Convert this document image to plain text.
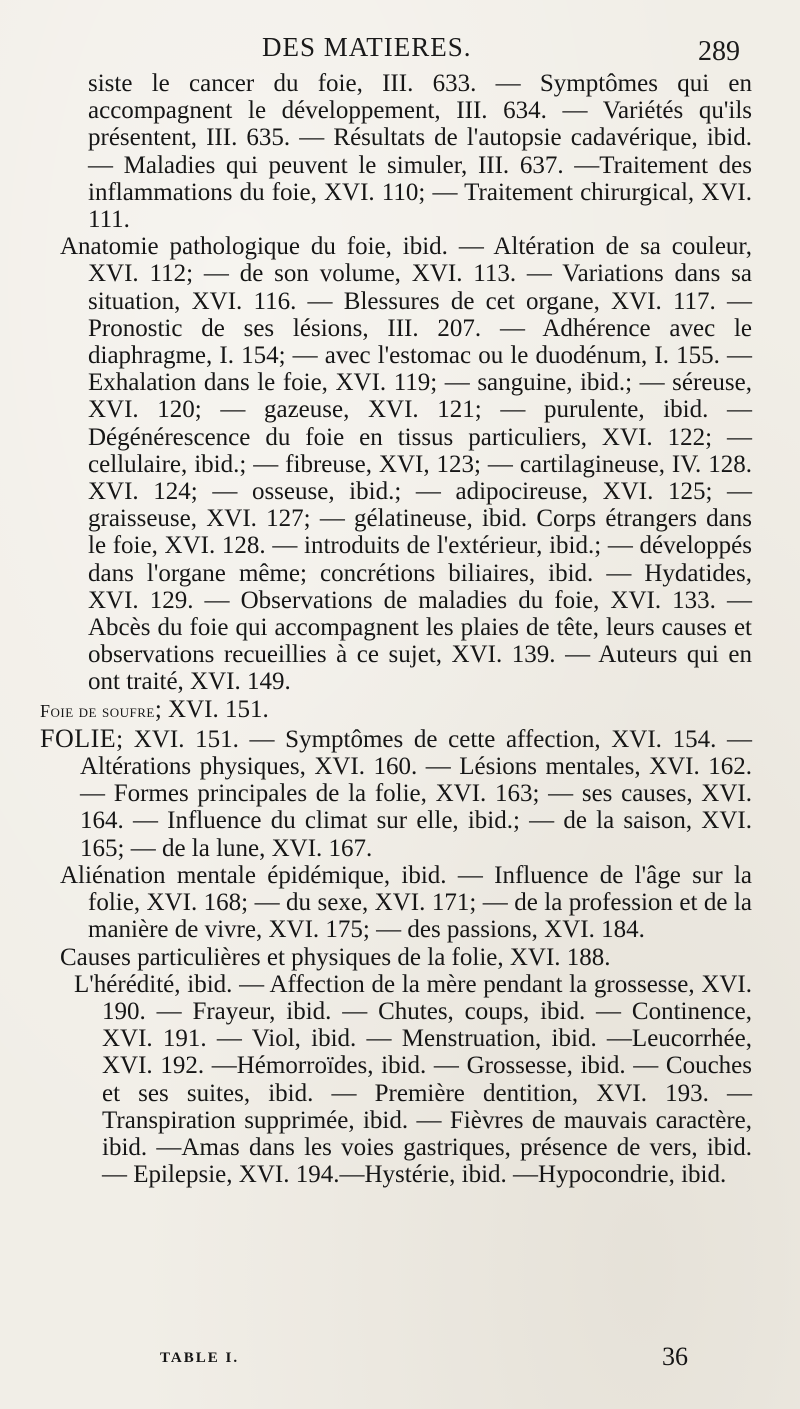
DES MATIERES.	289

siste le cancer du foie, III. 633. — Symptômes qui en accompagnent le développement, III. 634. — Variétés qu'ils présentent, III. 635. — Résultats de l'autopsie cadavérique, ibid. — Maladies qui peuvent le simuler, III. 637. —Traitement des inflammations du foie, XVI. 110; — Traitement chirurgical, XVI. 111.

Anatomie pathologique du foie, ibid. — Altération de sa couleur, XVI. 112; — de son volume, XVI. 113. — Variations dans sa situation, XVI. 116. — Blessures de cet organe, XVI. 117. — Pronostic de ses lésions, III. 207. — Adhérence avec le diaphragme, I. 154; — avec l'estomac ou le duodénum, I. 155. — Exhalation dans le foie, XVI. 119; — sanguine, ibid.; — séreuse, XVI. 120; — gazeuse, XVI. 121; — purulente, ibid. — Dégénérescence du foie en tissus particuliers, XVI. 122; — cellulaire, ibid.; — fibreuse, XVI, 123; — cartilagineuse, IV. 128. XVI. 124; — osseuse, ibid.; — adipocireuse, XVI. 125; — graisseuse, XVI. 127; — gélatineuse, ibid. Corps étrangers dans le foie, XVI. 128. — introduits de l'extérieur, ibid.; — développés dans l'organe même; concrétions biliaires, ibid. — Hydatides, XVI. 129. — Observations de maladies du foie, XVI. 133. — Abcès du foie qui accompagnent les plaies de tête, leurs causes et observations recueillies à ce sujet, XVI. 139. — Auteurs qui en ont traité, XVI. 149.

Foie de soufre; XVI. 151.

FOLIE; XVI. 151. — Symptômes de cette affection, XVI. 154. — Altérations physiques, XVI. 160. — Lésions mentales, XVI. 162. — Formes principales de la folie, XVI. 163; — ses causes, XVI. 164. — Influence du climat sur elle, ibid.; — de la saison, XVI. 165; — de la lune, XVI. 167.

Aliénation mentale épidémique, ibid. — Influence de l'âge sur la folie, XVI. 168; — du sexe, XVI. 171; — de la profession et de la manière de vivre, XVI. 175; — des passions, XVI. 184.

Causes particulières et physiques de la folie, XVI. 188.

L'hérédité, ibid. — Affection de la mère pendant la grossesse, XVI. 190. — Frayeur, ibid. — Chutes, coups, ibid. — Continence, XVI. 191. — Viol, ibid. — Menstruation, ibid. —Leucorrhée, XVI. 192. —Hémorroïdes, ibid. — Grossesse, ibid. — Couches et ses suites, ibid. — Première dentition, XVI. 193. — Transpiration supprimée, ibid. — Fièvres de mauvais caractère, ibid. —Amas dans les voies gastriques, présence de vers, ibid. — Epilepsie, XVI. 194.—Hystérie, ibid. —Hypocondrie, ibid.

TABLE I.	36
